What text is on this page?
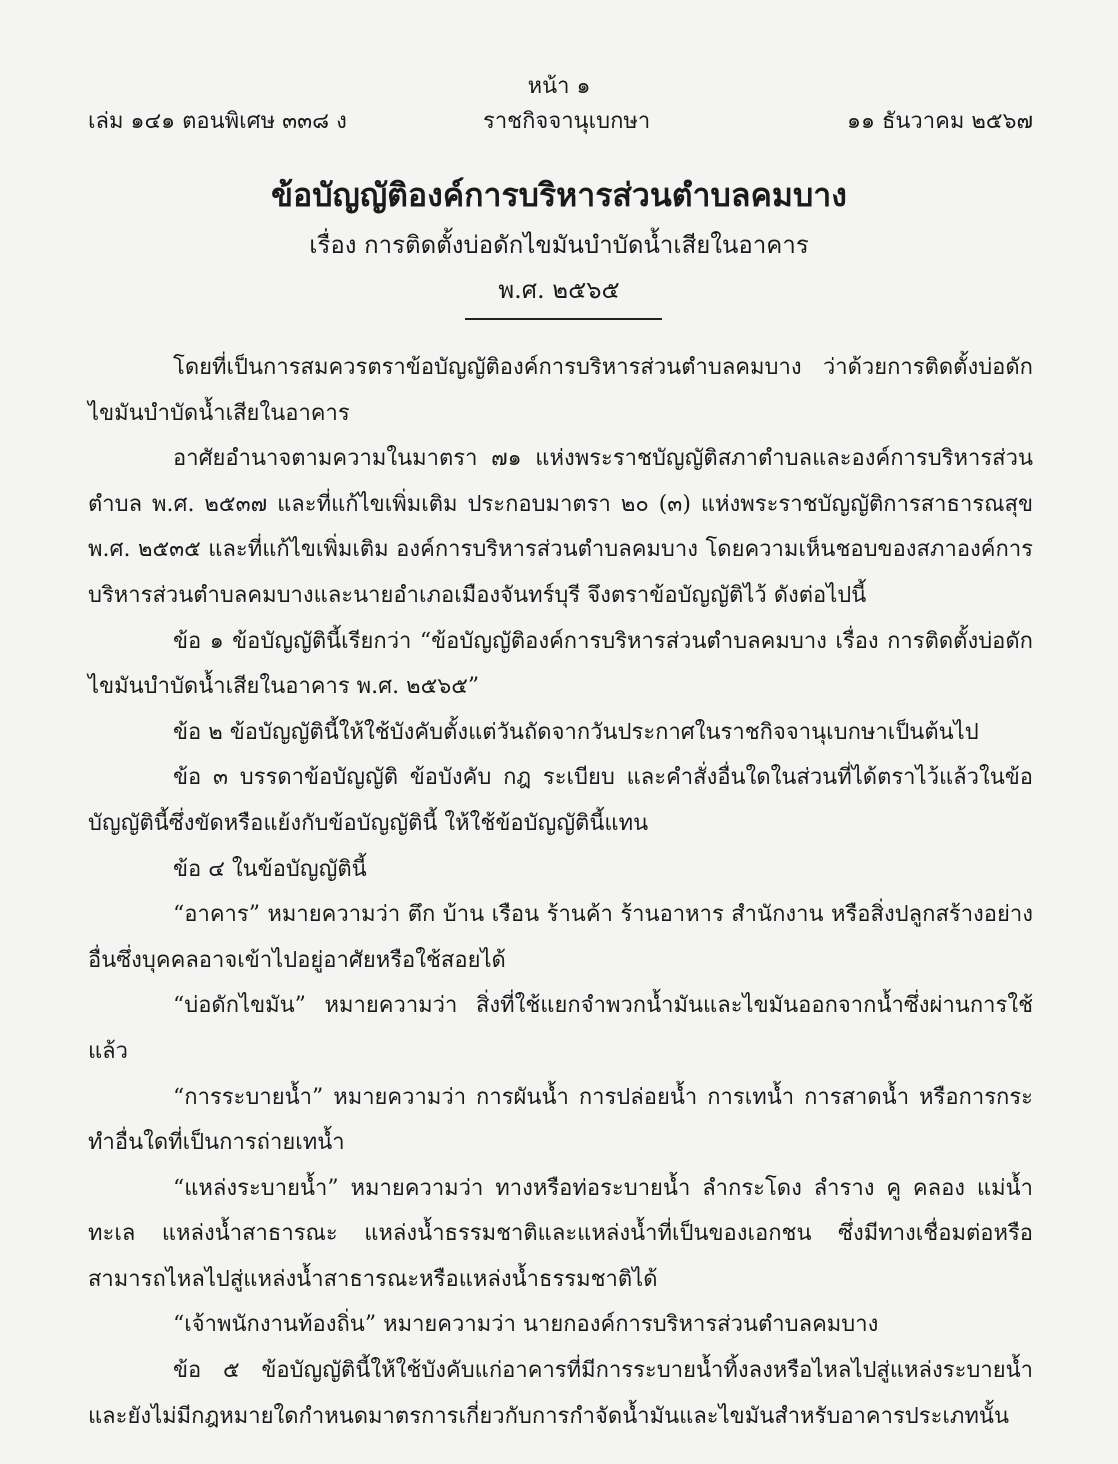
หน้า ๑
เล่ม ๑๔๑ ตอนพิเศษ ๓๓๘ ง	ราชกิจจานุเบกษา	๑๑ ธันวาคม ๒๕๖๗
ข้อบัญญัติองค์การบริหารส่วนตำบลคมบาง
เรื่อง การติดตั้งบ่อดักไขมันบำบัดน้ำเสียในอาคาร
พ.ศ. ๒๕๖๕

โดยที่เป็นการสมควรตราข้อบัญญัติองค์การบริหารส่วนตำบลคมบาง ว่าด้วยการติดตั้งบ่อดักไขมันบำบัดน้ำเสียในอาคาร

อาศัยอำนาจตามความในมาตรา ๗๑ แห่งพระราชบัญญัติสภาตำบลและองค์การบริหารส่วนตำบล พ.ศ. ๒๕๓๗ และที่แก้ไขเพิ่มเติม ประกอบมาตรา ๒๐ (๓) แห่งพระราชบัญญัติการสาธารณสุข พ.ศ. ๒๕๓๕ และที่แก้ไขเพิ่มเติม องค์การบริหารส่วนตำบลคมบาง โดยความเห็นชอบของสภาองค์การบริหารส่วนตำบลคมบางและนายอำเภอเมืองจันทร์บุรี จึงตราข้อบัญญัติไว้ ดังต่อไปนี้

ข้อ ๑ ข้อบัญญัตินี้เรียกว่า “ข้อบัญญัติองค์การบริหารส่วนตำบลคมบาง เรื่อง การติดตั้งบ่อดักไขมันบำบัดน้ำเสียในอาคาร พ.ศ. ๒๕๖๕”

ข้อ ๒ ข้อบัญญัตินี้ให้ใช้บังคับตั้งแต่วันถัดจากวันประกาศในราชกิจจานุเบกษาเป็นต้นไป

ข้อ ๓ บรรดาข้อบัญญัติ ข้อบังคับ กฎ ระเบียบ และคำสั่งอื่นใดในส่วนที่ได้ตราไว้แล้วในข้อบัญญัตินี้ซึ่งขัดหรือแย้งกับข้อบัญญัตินี้ ให้ใช้ข้อบัญญัตินี้แทน

ข้อ ๔ ในข้อบัญญัตินี้

“อาคาร” หมายความว่า ตึก บ้าน เรือน ร้านค้า ร้านอาหาร สำนักงาน หรือสิ่งปลูกสร้างอย่างอื่นซึ่งบุคคลอาจเข้าไปอยู่อาศัยหรือใช้สอยได้

“บ่อดักไขมัน” หมายความว่า สิ่งที่ใช้แยกจำพวกน้ำมันและไขมันออกจากน้ำซึ่งผ่านการใช้แล้ว

“การระบายน้ำ” หมายความว่า การผันน้ำ การปล่อยน้ำ การเทน้ำ การสาดน้ำ หรือการกระทำอื่นใดที่เป็นการถ่ายเทน้ำ

“แหล่งระบายน้ำ” หมายความว่า ทางหรือท่อระบายน้ำ ลำกระโดง ลำราง คู คลอง แม่น้ำ ทะเล แหล่งน้ำสาธารณะ แหล่งน้ำธรรมชาติและแหล่งน้ำที่เป็นของเอกชน ซึ่งมีทางเชื่อมต่อหรือสามารถไหลไปสู่แหล่งน้ำสาธารณะหรือแหล่งน้ำธรรมชาติได้

“เจ้าพนักงานท้องถิ่น” หมายความว่า นายกองค์การบริหารส่วนตำบลคมบาง

ข้อ ๕ ข้อบัญญัตินี้ให้ใช้บังคับแก่อาคารที่มีการระบายน้ำทิ้งลงหรือไหลไปสู่แหล่งระบายน้ำและยังไม่มีกฎหมายใดกำหนดมาตรการเกี่ยวกับการกำจัดน้ำมันและไขมันสำหรับอาคารประเภทนั้น
